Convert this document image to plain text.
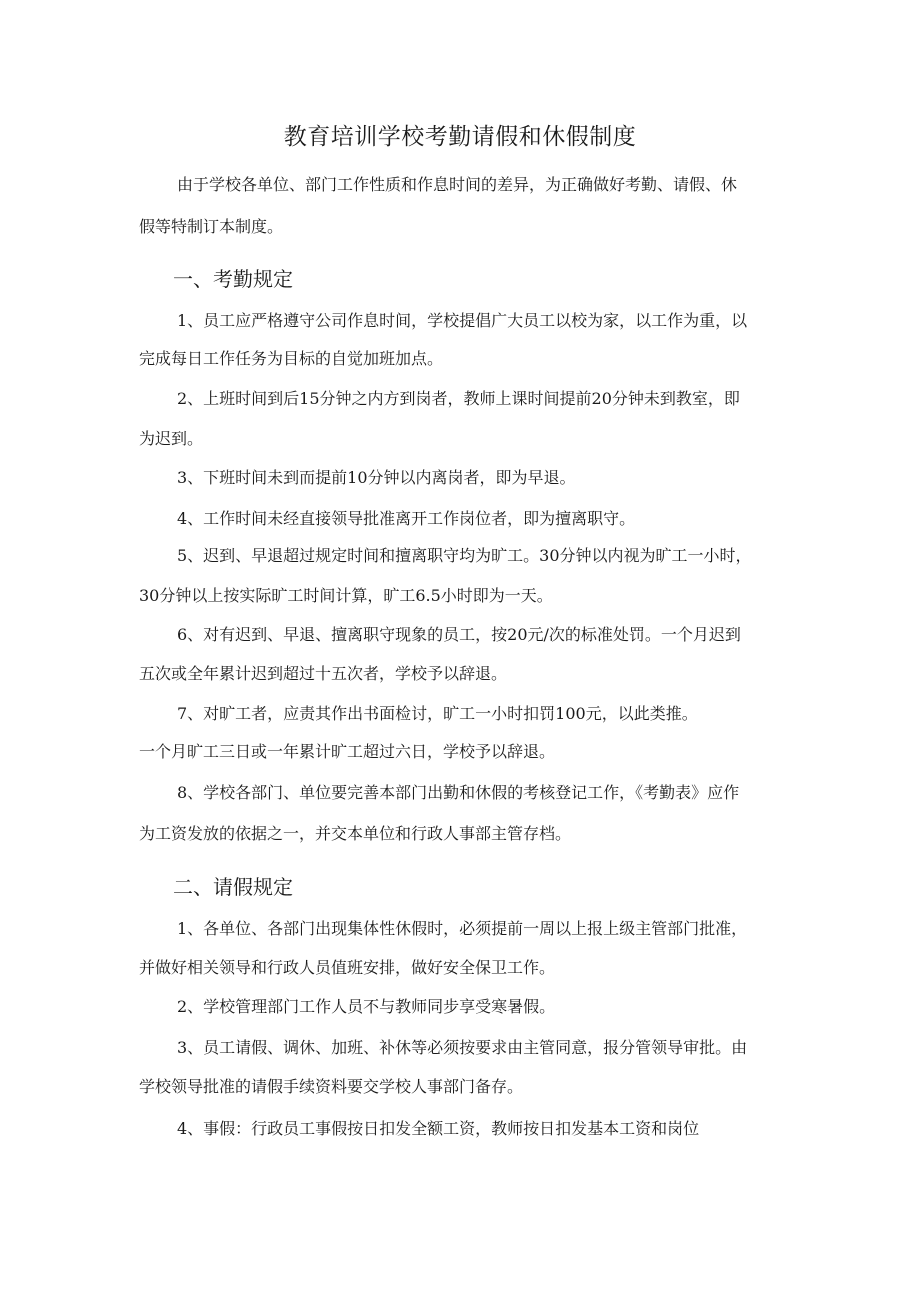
教育培训学校考勤请假和休假制度
由于学校各单位、部门工作性质和作息时间的差异，为正确做好考勤、请假、休
假等特制订本制度。
一、考勤规定
1、员工应严格遵守公司作息时间，学校提倡广大员工以校为家，以工作为重，以
完成每日工作任务为目标的自觉加班加点。
2、上班时间到后15分钟之内方到岗者，教师上课时间提前20分钟未到教室，即
为迟到。
3、下班时间未到而提前10分钟以内离岗者，即为早退。
4、工作时间未经直接领导批准离开工作岗位者，即为擅离职守。
5、迟到、早退超过规定时间和擅离职守均为旷工。30分钟以内视为旷工一小时，
30分钟以上按实际旷工时间计算，旷工6.5小时即为一天。
6、对有迟到、早退、擅离职守现象的员工，按20元/次的标准处罚。一个月迟到
五次或全年累计迟到超过十五次者，学校予以辞退。
7、对旷工者，应责其作出书面检讨，旷工一小时扣罚100元，以此类推。
一个月旷工三日或一年累计旷工超过六日，学校予以辞退。
8、学校各部门、单位要完善本部门出勤和休假的考核登记工作，《考勤表》应作
为工资发放的依据之一，并交本单位和行政人事部主管存档。
二、请假规定
1、各单位、各部门出现集体性休假时，必须提前一周以上报上级主管部门批准，
并做好相关领导和行政人员值班安排，做好安全保卫工作。
2、学校管理部门工作人员不与教师同步享受寒暑假。
3、员工请假、调休、加班、补休等必须按要求由主管同意，报分管领导审批。由
学校领导批准的请假手续资料要交学校人事部门备存。
4、事假：行政员工事假按日扣发全额工资，教师按日扣发基本工资和岗位
